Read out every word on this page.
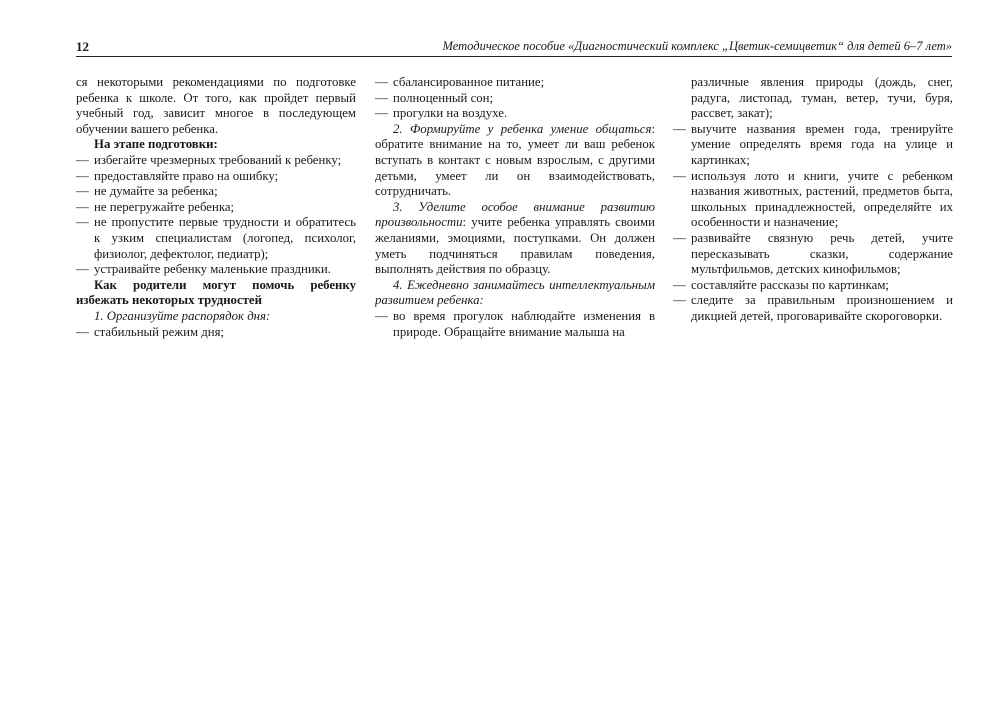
12	Методическое пособие «Диагностический комплекс „Цветик-семицветик“ для детей 6–7 лет»

ся некоторыми рекомендациями по подготовке ребенка к школе. От того, как пройдет первый учебный год, зависит многое в последующем обучении вашего ребенка.

На этапе подготовки:

— избегайте чрезмерных требований к ребенку;

— предоставляйте право на ошибку;

— не думайте за ребенка;

— не перегружайте ребенка;

— не пропустите первые трудности и обратитесь к узким специалистам (логопед, психолог, физиолог, дефектолог, педиатр);

— устраивайте ребенку маленькие праздники.

Как родители могут помочь ребенку избежать некоторых трудностей

1. Организуйте распорядок дня:

— стабильный режим дня;

— сбалансированное питание;

— полноценный сон;

— прогулки на воздухе.

2. Формируйте у ребенка умение общаться: обратите внимание на то, умеет ли ваш ребенок вступать в контакт с новым взрослым, с другими детьми, умеет ли он взаимодействовать, сотрудничать.

3. Уделите особое внимание развитию произвольности: учите ребенка управлять своими желаниями, эмоциями, поступками. Он должен уметь подчиняться правилам поведения, выполнять действия по образцу.

4. Ежедневно занимайтесь интеллектуальным развитием ребенка:

— во время прогулок наблюдайте изменения в природе. Обращайте внимание малыша на

различные явления природы (дождь, снег, радуга, листопад, туман, ветер, тучи, буря, рассвет, закат);

— выучите названия времен года, тренируйте умение определять время года на улице и картинках;

— используя лото и книги, учите с ребенком названия животных, растений, предметов быта, школьных принадлежностей, определяйте их особенности и назначение;

— развивайте связную речь детей, учите пересказывать сказки, содержание мультфильмов, детских кинофильмов;

— составляйте рассказы по картинкам;

— следите за правильным произношением и дикцией детей, проговаривайте скороговорки.
